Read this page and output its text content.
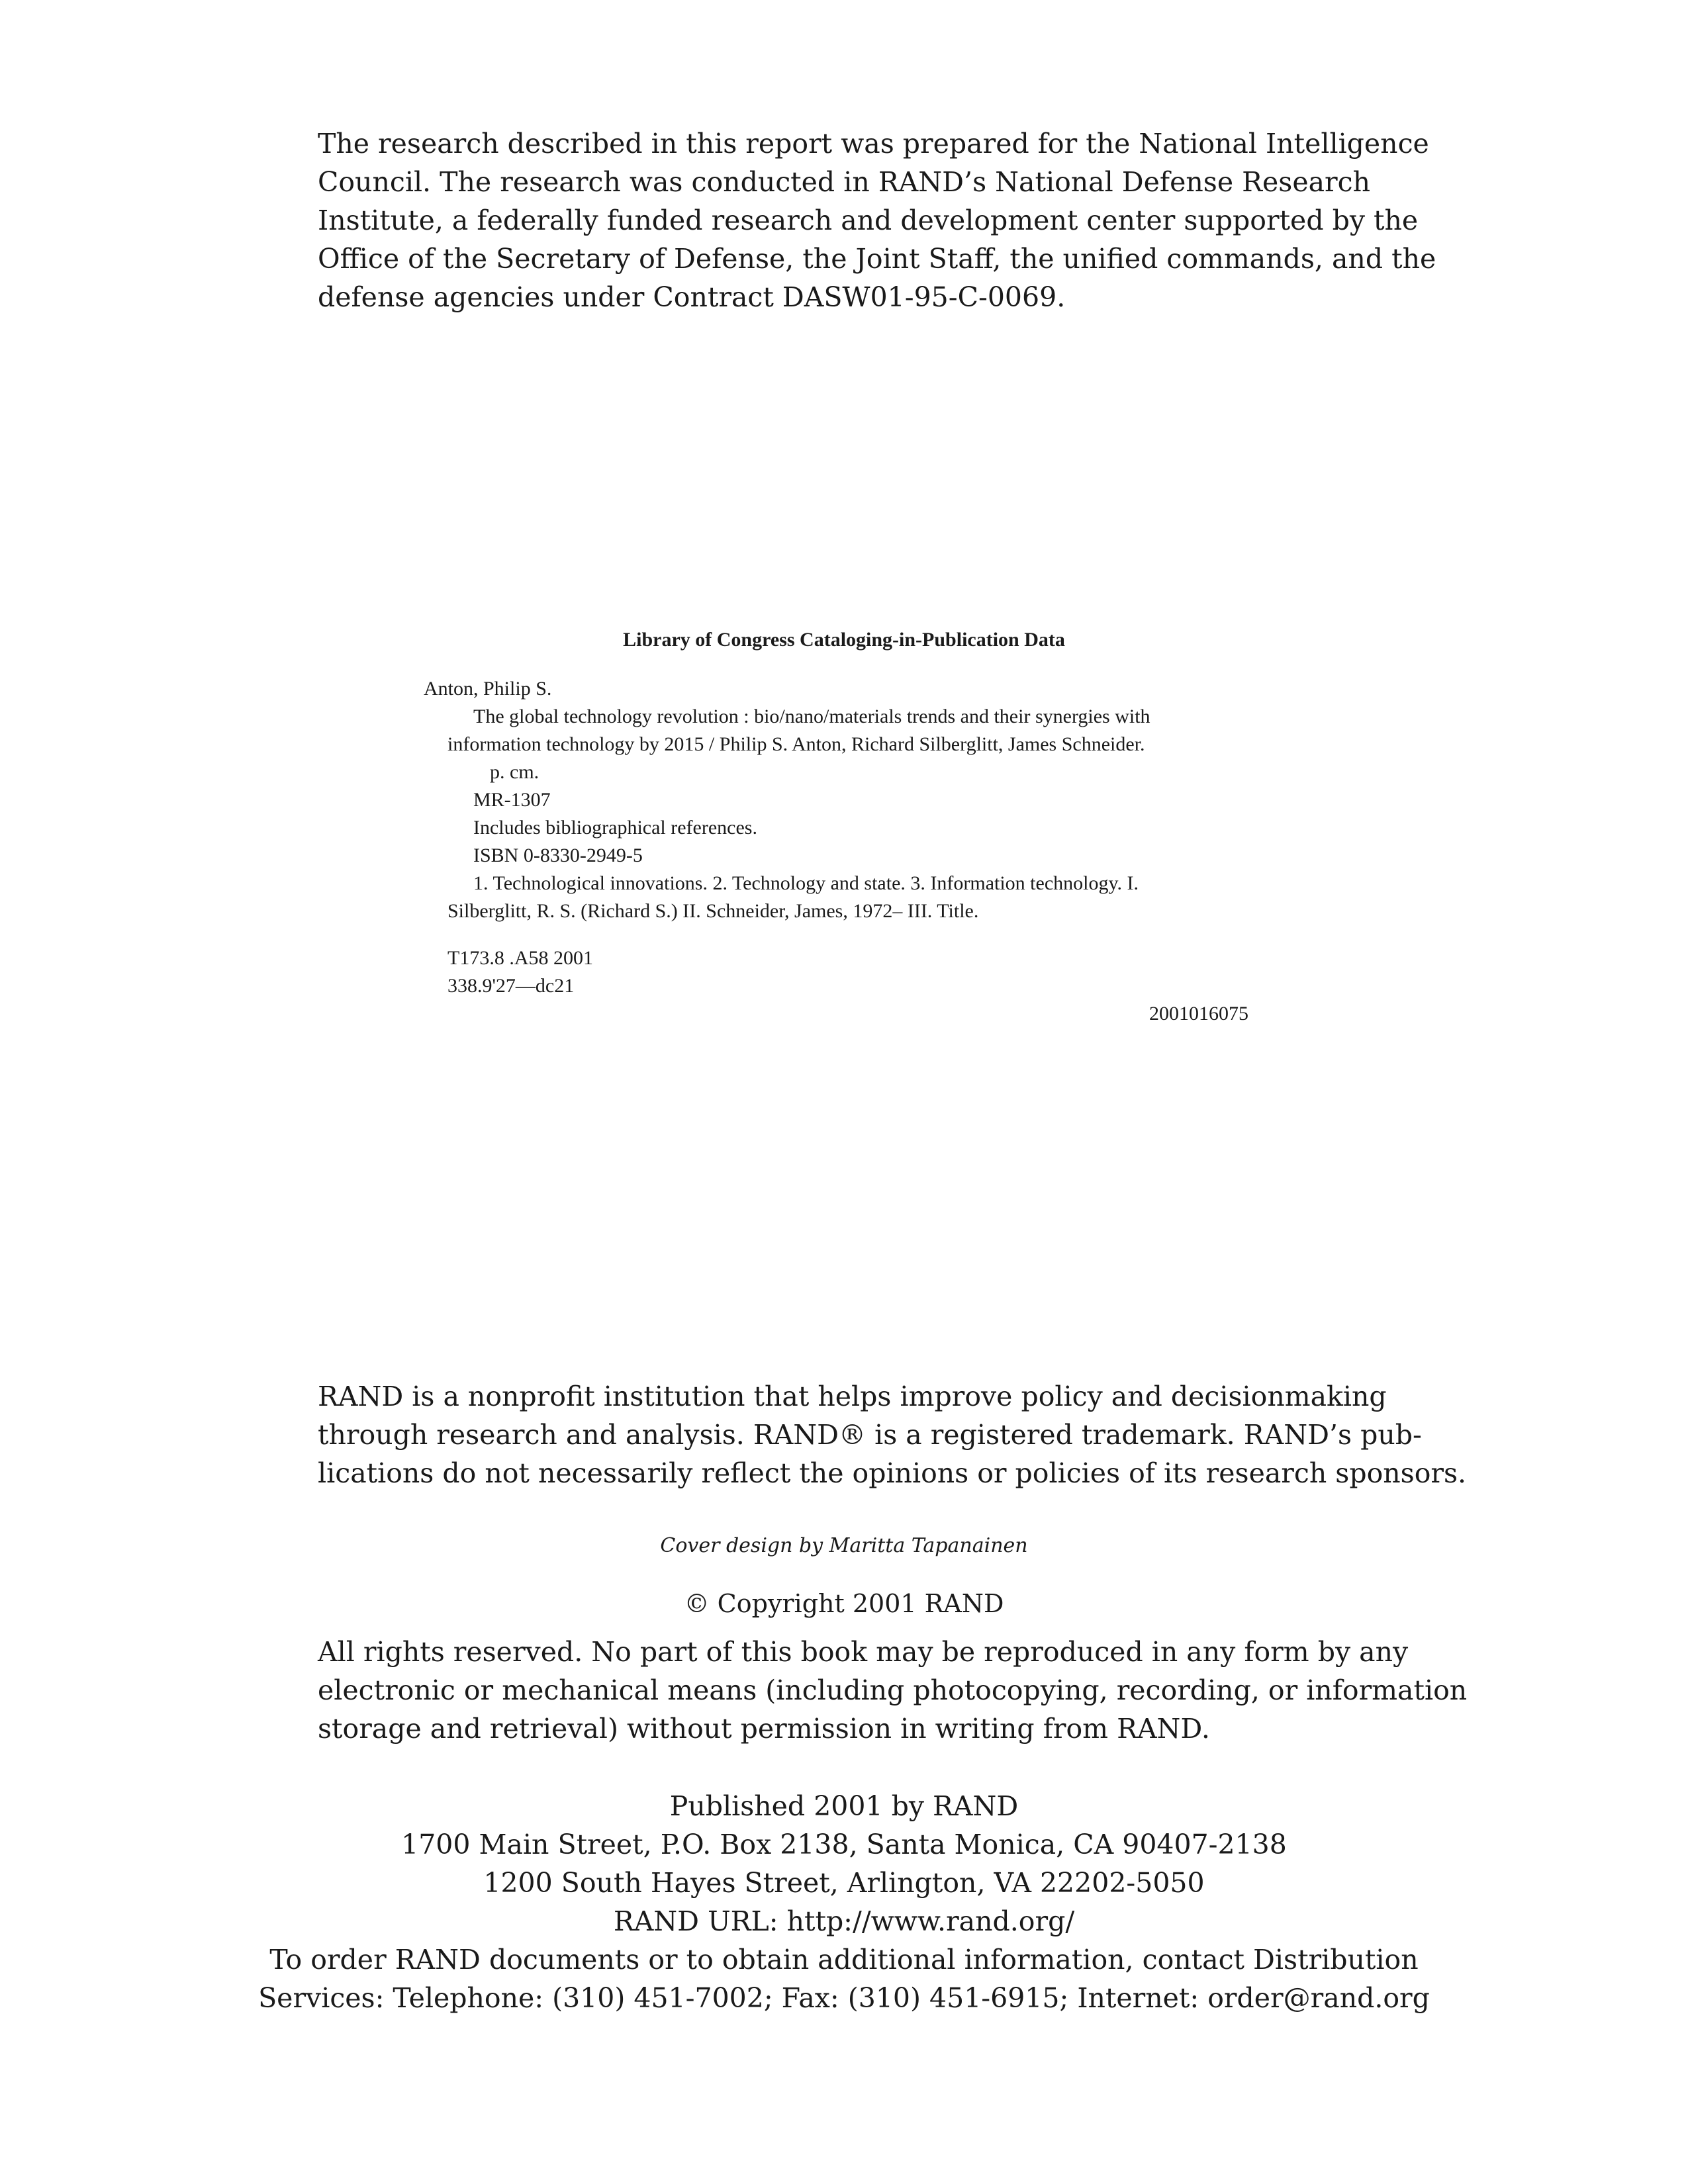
The research described in this report was prepared for the National Intelligence
Council. The research was conducted in RAND’s National Defense Research
Institute, a federally funded research and development center supported by the
Office of the Secretary of Defense, the Joint Staff, the unified commands, and the
defense agencies under Contract DASW01-95-C-0069.

Library of Congress Cataloging-in-Publication Data

Anton, Philip S.

The global technology revolution : bio/nano/materials trends and their synergies with

information technology by 2015 / Philip S. Anton, Richard Silberglitt, James Schneider.

p. cm.

MR-1307

Includes bibliographical references.

ISBN 0-8330-2949-5

1. Technological innovations. 2. Technology and state. 3. Information technology. I.

Silberglitt, R. S. (Richard S.) II. Schneider, James, 1972– III. Title.

T173.8 .A58 2001

338.9'27—dc21

2001016075

RAND is a nonprofit institution that helps improve policy and decisionmaking
through research and analysis. RAND® is a registered trademark. RAND’s pub-
lications do not necessarily reflect the opinions or policies of its research sponsors.

Cover design by Maritta Tapanainen

© Copyright 2001 RAND

All rights reserved. No part of this book may be reproduced in any form by any
electronic or mechanical means (including photocopying, recording, or information
storage and retrieval) without permission in writing from RAND.

Published 2001 by RAND
1700 Main Street, P.O. Box 2138, Santa Monica, CA 90407-2138
1200 South Hayes Street, Arlington, VA 22202-5050
RAND URL: http://www.rand.org/
To order RAND documents or to obtain additional information, contact Distribution
Services: Telephone: (310) 451-7002; Fax: (310) 451-6915; Internet: order@rand.org
